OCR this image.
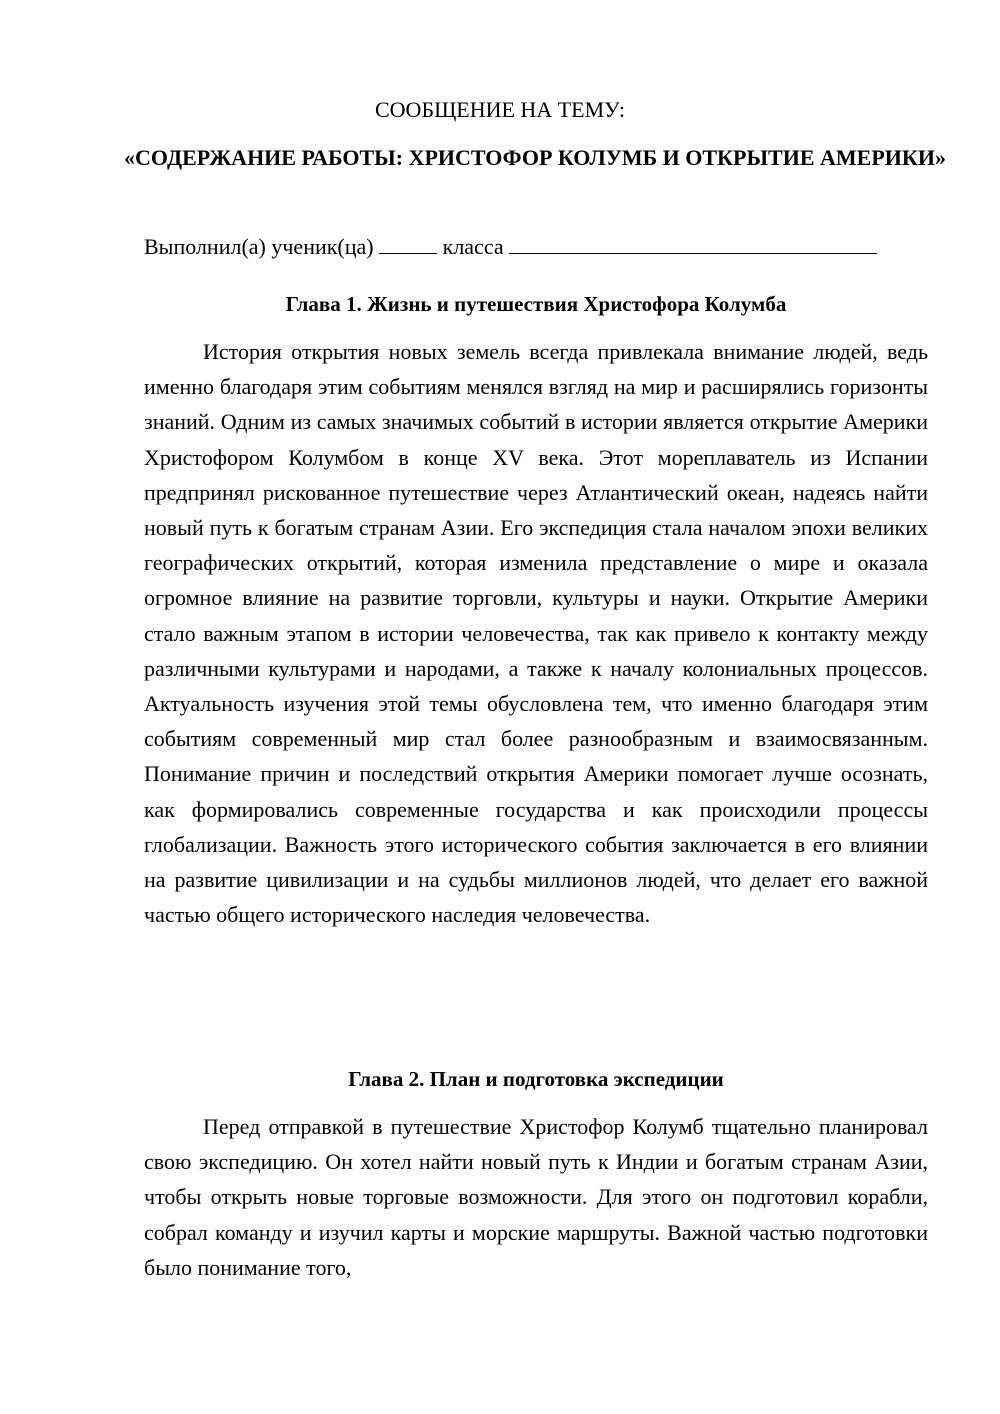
СООБЩЕНИЕ НА ТЕМУ:

«СОДЕРЖАНИЕ РАБОТЫ: ХРИСТОФОР КОЛУМБ И ОТКРЫТИЕ АМЕРИКИ»

Выполнил(а) ученик(ца)	класса

Глава 1. Жизнь и путешествия Христофора Колумба

История открытия новых земель всегда привлекала внимание людей, ведь именно благодаря этим событиям менялся взгляд на мир и расширялись горизонты знаний. Одним из самых значимых событий в истории является открытие Америки Христофором Колумбом в конце XV века. Этот мореплаватель из Испании предпринял рискованное путешествие через Атлантический океан, надеясь найти новый путь к богатым странам Азии. Его экспедиция стала началом эпохи великих географических открытий, которая изменила представление о мире и оказала огромное влияние на развитие торговли, культуры и науки. Открытие Америки стало важным этапом в истории человечества, так как привело к контакту между различными культурами и народами, а также к началу колониальных процессов. Актуальность изучения этой темы обусловлена тем, что именно благодаря этим событиям современный мир стал более разнообразным и взаимосвязанным. Понимание причин и последствий открытия Америки помогает лучше осознать, как формировались современные государства и как происходили процессы глобализации. Важность этого исторического события заключается в его влиянии на развитие цивилизации и на судьбы миллионов людей, что делает его важной частью общего исторического наследия человечества.

Глава 2. План и подготовка экспедиции

Перед отправкой в путешествие Христофор Колумб тщательно планировал свою экспедицию. Он хотел найти новый путь к Индии и богатым странам Азии, чтобы открыть новые торговые возможности. Для этого он подготовил корабли, собрал команду и изучил карты и морские маршруты. Важной частью подготовки было понимание того,
